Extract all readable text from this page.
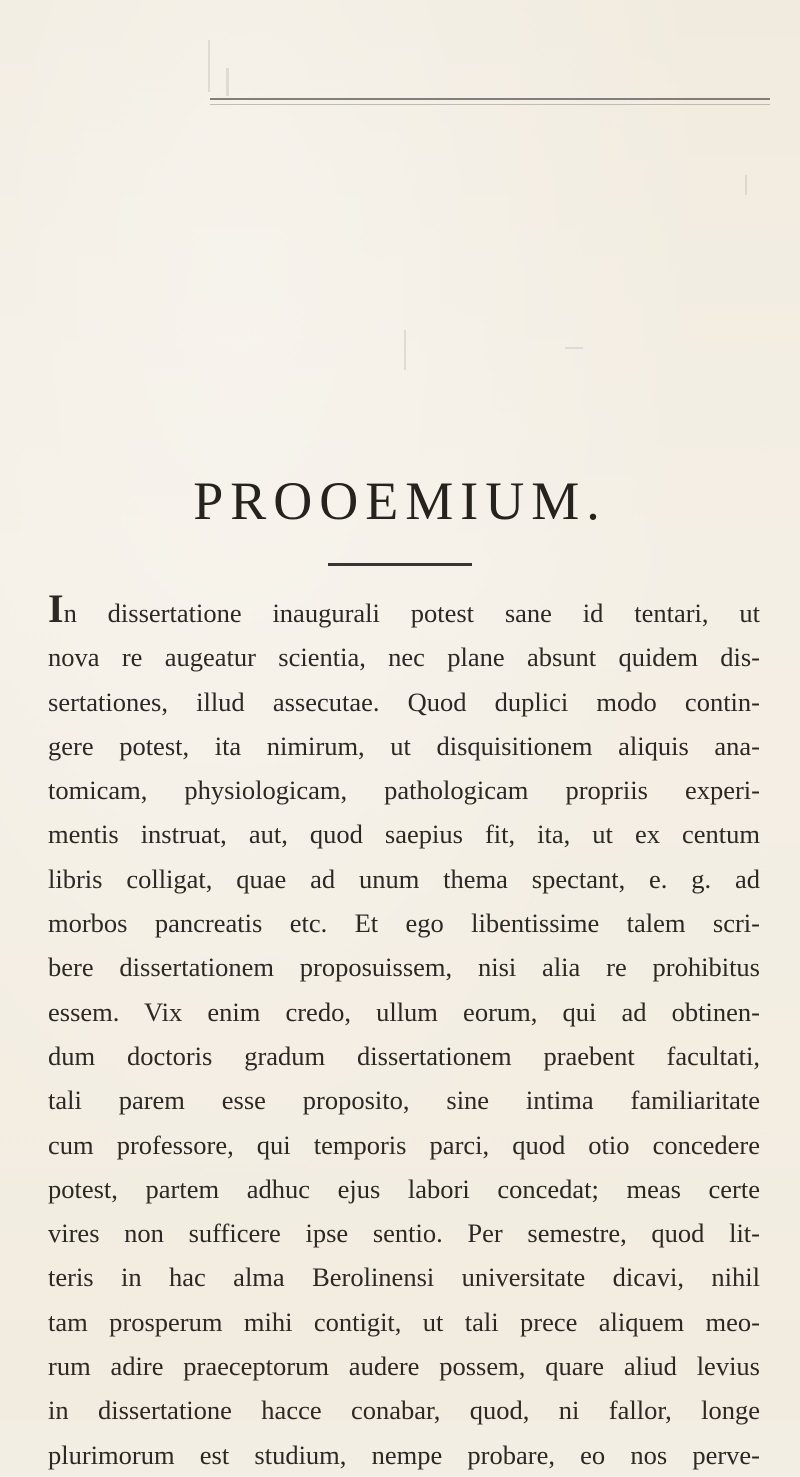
PROOEMIUM.
In dissertatione inaugurali potest sane id tentari, ut
nova re augeatur scientia, nec plane absunt quidem dis-
sertationes, illud assecutae. Quod duplici modo contin-
gere potest, ita nimirum, ut disquisitionem aliquis ana-
tomicam, physiologicam, pathologicam propriis experi-
mentis instruat, aut, quod saepius fit, ita, ut ex centum
libris colligat, quae ad unum thema spectant, e. g. ad
morbos pancreatis etc. Et ego libentissime talem scri-
bere dissertationem proposuissem, nisi alia re prohibitus
essem. Vix enim credo, ullum eorum, qui ad obtinen-
dum doctoris gradum dissertationem praebent facultati,
tali parem esse proposito, sine intima familiaritate
cum professore, qui temporis parci, quod otio concedere
potest, partem adhuc ejus labori concedat; meas certe
vires non sufficere ipse sentio. Per semestre, quod lit-
teris in hac alma Berolinensi universitate dicavi, nihil
tam prosperum mihi contigit, ut tali prece aliquem meo-
rum adire praeceptorum audere possem, quare aliud levius
in dissertatione hacce conabar, quod, ni fallor, longe
plurimorum est studium, nempe probare, eo nos perve-
